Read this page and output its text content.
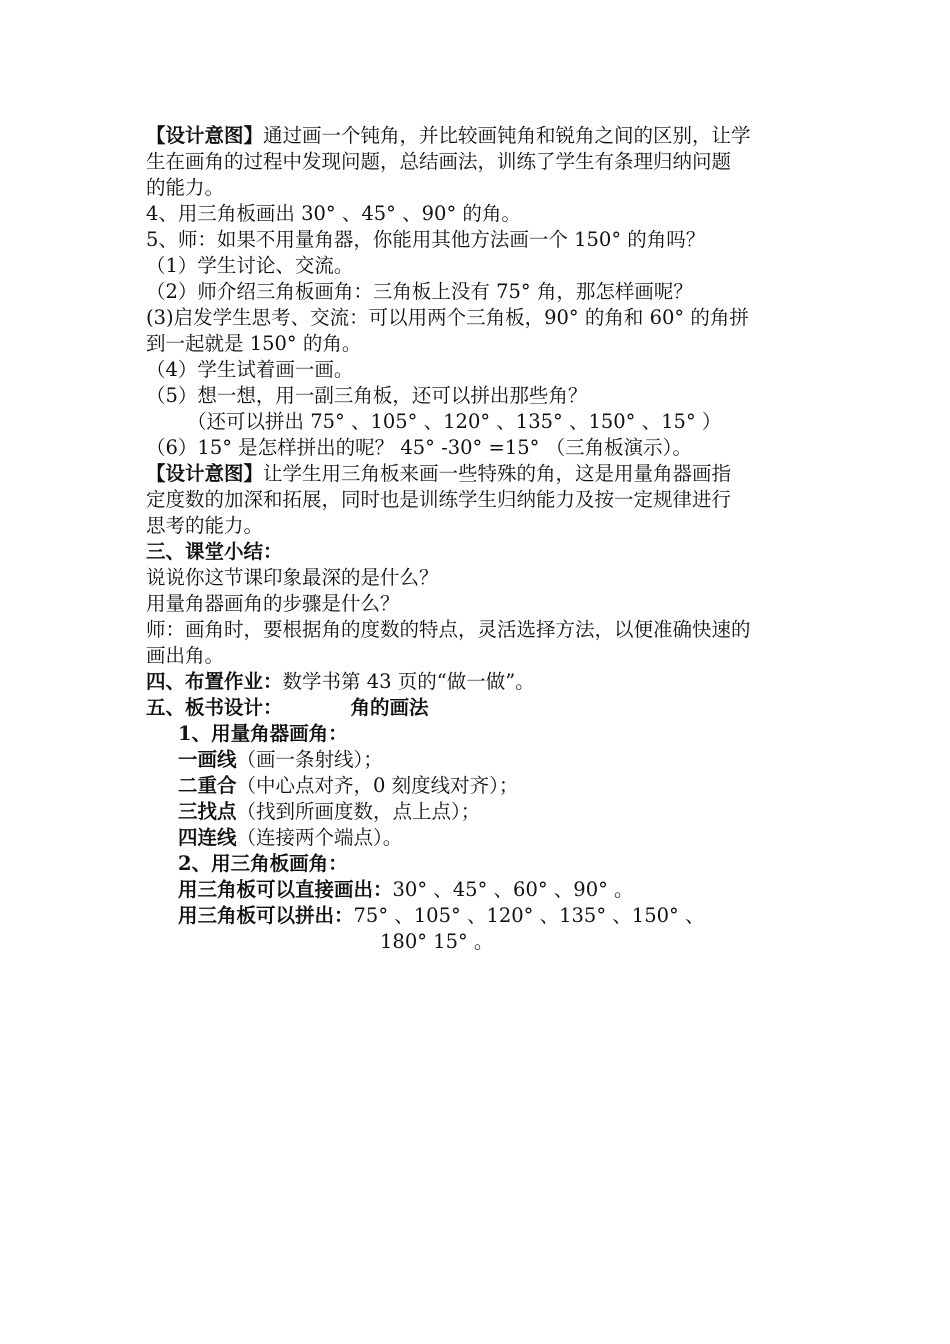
【设计意图】通过画一个钝角，并比较画钝角和锐角之间的区别，让学
生在画角的过程中发现问题，总结画法，训练了学生有条理归纳问题
的能力。
4、用三角板画出 30° 、45° 、90° 的角。
5、师：如果不用量角器，你能用其他方法画一个 150° 的角吗？
（1）学生讨论、交流。
（2）师介绍三角板画角：三角板上没有 75° 角，那怎样画呢？
(3)启发学生思考、交流：可以用两个三角板，90° 的角和 60° 的角拼
到一起就是 150° 的角。
（4）学生试着画一画。
（5）想一想，用一副三角板，还可以拼出那些角？
（还可以拼出 75° 、105° 、120° 、135° 、150° 、15° ）
（6）15° 是怎样拼出的呢？ 45° -30° =15° （三角板演示）。
【设计意图】让学生用三角板来画一些特殊的角，这是用量角器画指
定度数的加深和拓展，同时也是训练学生归纳能力及按一定规律进行
思考的能力。
三、课堂小结：
说说你这节课印象最深的是什么？
用量角器画角的步骤是什么？
师：画角时，要根据角的度数的特点，灵活选择方法，以便准确快速的
画出角。
四、布置作业：数学书第 43 页的“做一做”。
五、板书设计：	角的画法
1、用量角器画角：
一画线（画一条射线）；
二重合（中心点对齐，0 刻度线对齐）；
三找点（找到所画度数，点上点）；
四连线（连接两个端点）。
2、用三角板画角：
用三角板可以直接画出：30° 、45° 、60° 、90° 。
用三角板可以拼出：75° 、105° 、120° 、135° 、150° 、
180° 15° 。
